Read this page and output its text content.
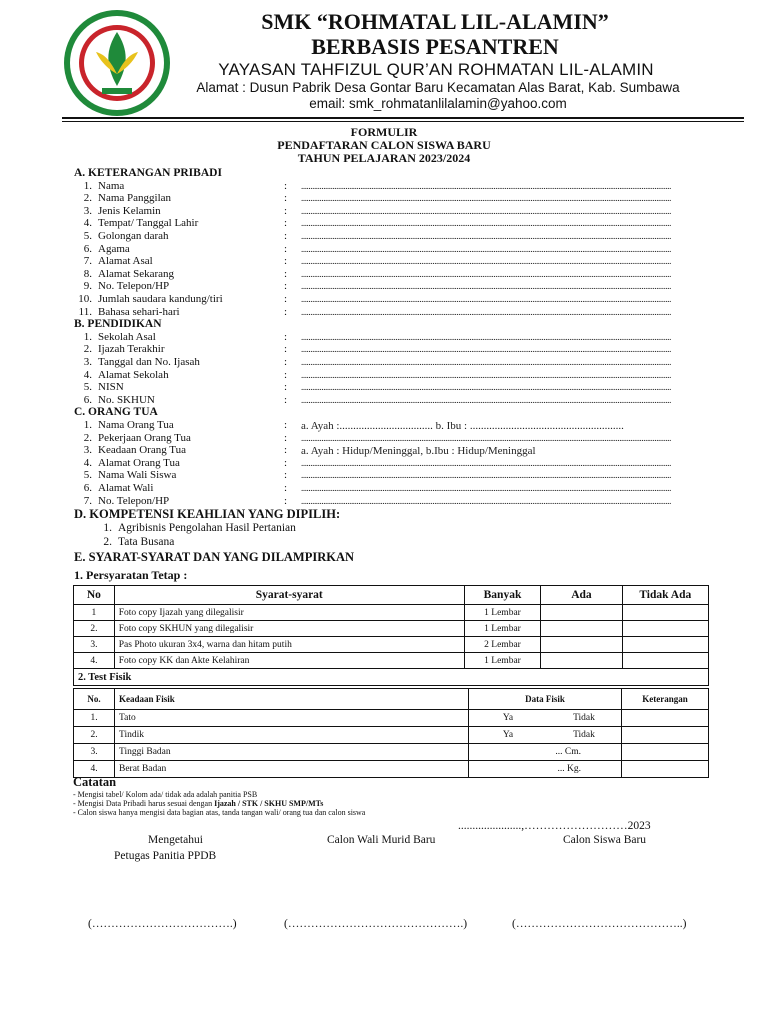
SMK “ROHMATAL LIL-ALAMIN”
BERBASIS PESANTREN
YAYASAN TAHFIZUL QUR’AN ROHMATAN LIL-ALAMIN
Alamat : Dusun Pabrik Desa Gontar Baru Kecamatan Alas Barat, Kab. Sumbawa
email: smk_rohmatanlilalamin@yahoo.com
FORMULIR
PENDAFTARAN CALON SISWA BARU
TAHUN PELAJARAN 2023/2024
A. KETERANGAN PRIBADI
1. Nama	: ........................................................................................................................................................................................................
2. Nama Panggilan	: ........................................................................................................................................................................................................
3. Jenis Kelamin	: ........................................................................................................................................................................................................
4. Tempat/ Tanggal Lahir	: ........................................................................................................................................................................................................
5. Golongan darah	: ........................................................................................................................................................................................................
6. Agama	: ........................................................................................................................................................................................................
7. Alamat Asal	: ........................................................................................................................................................................................................
8. Alamat Sekarang	: ........................................................................................................................................................................................................
9. No. Telepon/HP	: ........................................................................................................................................................................................................
10. Jumlah saudara kandung/tiri	: ........................................................................................................................................................................................................
11. Bahasa sehari-hari	: ........................................................................................................................................................................................................
B. PENDIDIKAN
1. Sekolah Asal	: ........................................................................................................................................................................................................
2. Ijazah Terakhir	: ........................................................................................................................................................................................................
3. Tanggal dan No. Ijasah	: ........................................................................................................................................................................................................
4. Alamat Sekolah	: ........................................................................................................................................................................................................
5. NISN	: ........................................................................................................................................................................................................
6. No. SKHUN	: ........................................................................................................................................................................................................
C. ORANG TUA
1. Nama Orang Tua	: a. Ayah :.................................. b. Ibu : ........................................................
2. Pekerjaan Orang Tua	: ........................................................................................................................................................................................................
3. Keadaan Orang Tua	: a. Ayah : Hidup/Meninggal, b.Ibu : Hidup/Meninggal
4. Alamat Orang Tua	: ........................................................................................................................................................................................................
5. Nama Wali Siswa	: ........................................................................................................................................................................................................
6. Alamat Wali	: ........................................................................................................................................................................................................
7. No. Telepon/HP	: ........................................................................................................................................................................................................
D. KOMPETENSI KEAHLIAN YANG DIPILIH:
1. Agribisnis Pengolahan Hasil Pertanian
2. Tata Busana
E. SYARAT-SYARAT DAN YANG DILAMPIRKAN
1. Persyaratan Tetap :
No	Syarat-syarat	Banyak	Ada	Tidak Ada
1	Foto copy Ijazah yang dilegalisir	1 Lembar		
2.	Foto copy SKHUN yang dilegalisir	1 Lembar		
3.	Pas Photo ukuran 3x4, warna dan hitam putih	2 Lembar		
4.	Foto copy KK dan Akte Kelahiran	1 Lembar		
2. Test Fisik				
No.	Keadaan Fisik	Data Fisik		Keterangan
1.	Tato	Ya	Tidak	
2.	Tindik	Ya	Tidak	
3.	Tinggi Badan	... Cm.		
4.	Berat Badan	... Kg.		
Catatan
- Mengisi tabel/ Kolom ada/ tidak ada adalah panitia PSB
- Mengisi Data Pribadi harus sesuai dengan Ijazah / STK / SKHU SMP/MTs
- Calon siswa hanya mengisi data bagian atas, tanda tangan wali/ orang tua dan calon siswa
......................,………………………2023
Mengetahui
Petugas Panitia PPDB
Calon Wali Murid Baru	Calon Siswa Baru
(……………………………….)	(……………………………………….)	(……………………………………..)
